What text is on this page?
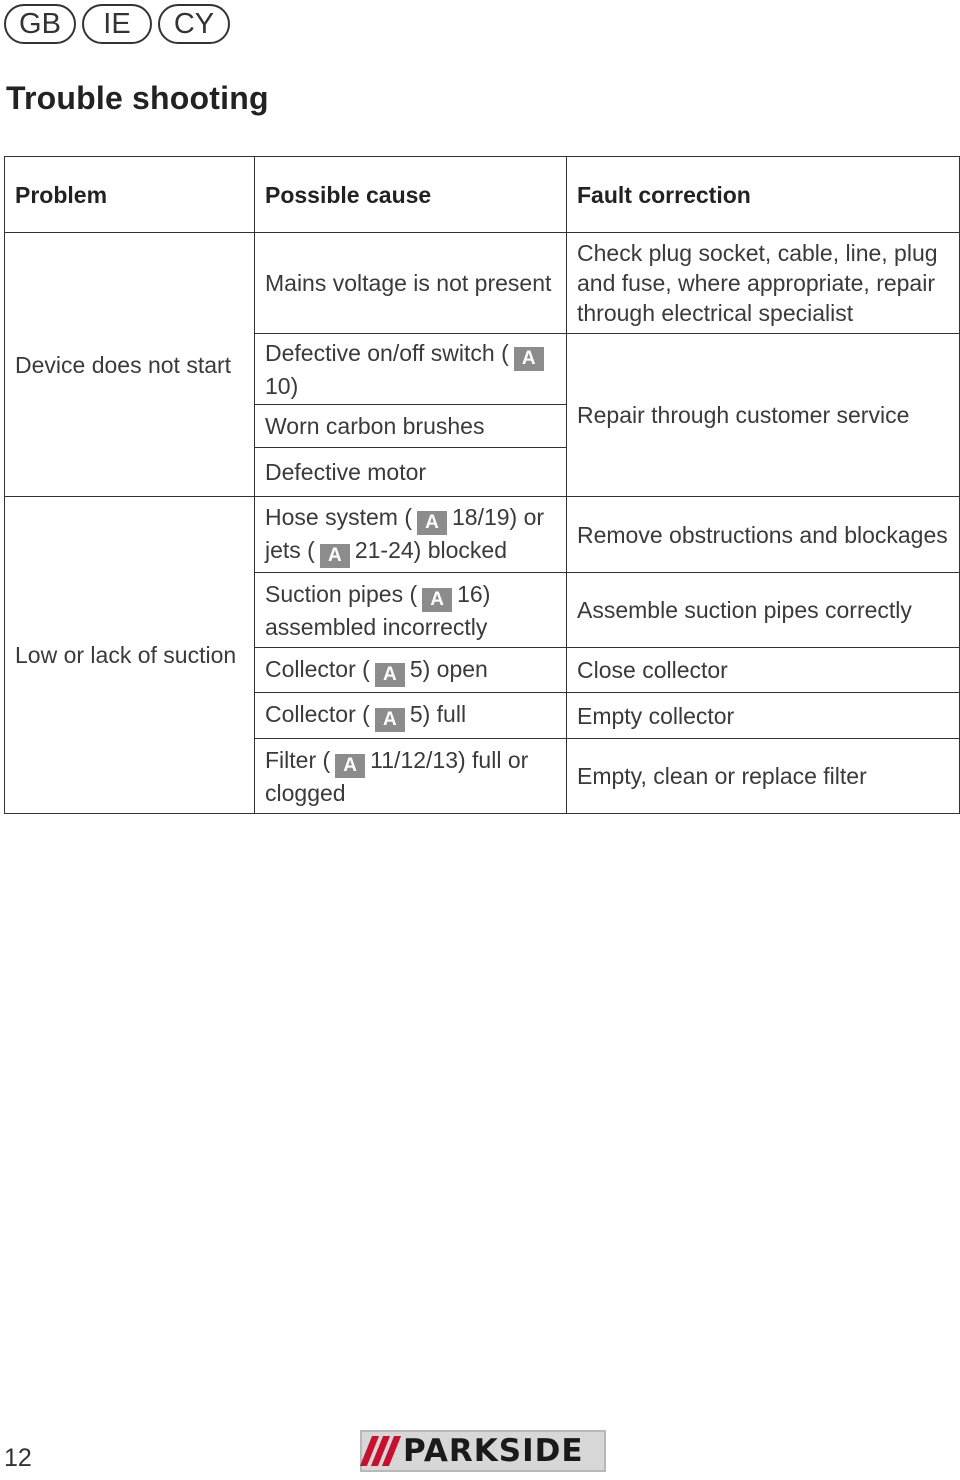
GB	IE	CY
Trouble shooting
Problem	Possible cause	Fault correction
Device does not start	Mains voltage is not present	Check plug socket, cable, line, plug and fuse, where appropriate, repair through electrical specialist
	Defective on/off switch ( A10)	Repair through customer service
	Worn carbon brushes	
	Defective motor	
Low or lack of suction	Hose system ( A 18/19) or jets ( A 21-24) blocked	Remove obstructions and blockages
	Suction pipes ( A 16) assembled incorrectly	Assemble suction pipes correctly
	Collector ( A 5) open	Close collector
	Collector ( A 5) full	Empty collector
	Filter ( A 11/12/13) full or clogged	Empty, clean or replace filter
12	PARKSIDE
